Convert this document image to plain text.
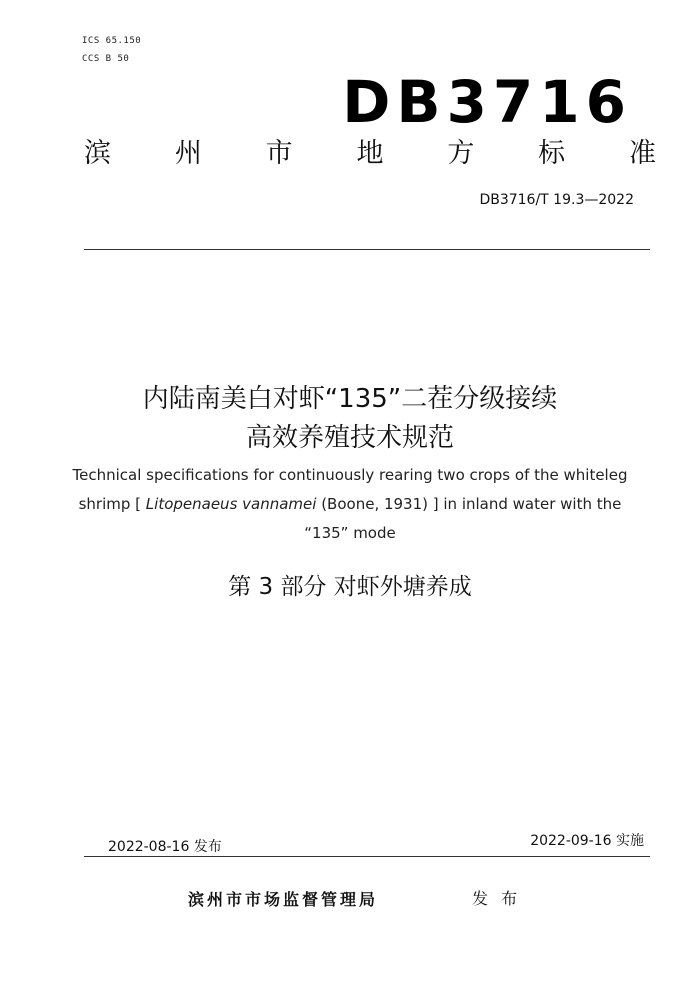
ICS 65.150
CCS B 50
DB3716
滨 州 市 地 方 标 准
DB3716/T 19.3—2022
内陆南美白对虾“135”二茬分级接续
高效养殖技术规范
Technical specifications for continuously rearing two crops of the whiteleg
shrimp [ Litopenaeus vannamei (Boone, 1931) ] in inland water with the
“135” mode
第 3 部分 对虾外塘养成
2022-08-16 发布	2022-09-16 实施
滨州市市场监督管理局	发 布
